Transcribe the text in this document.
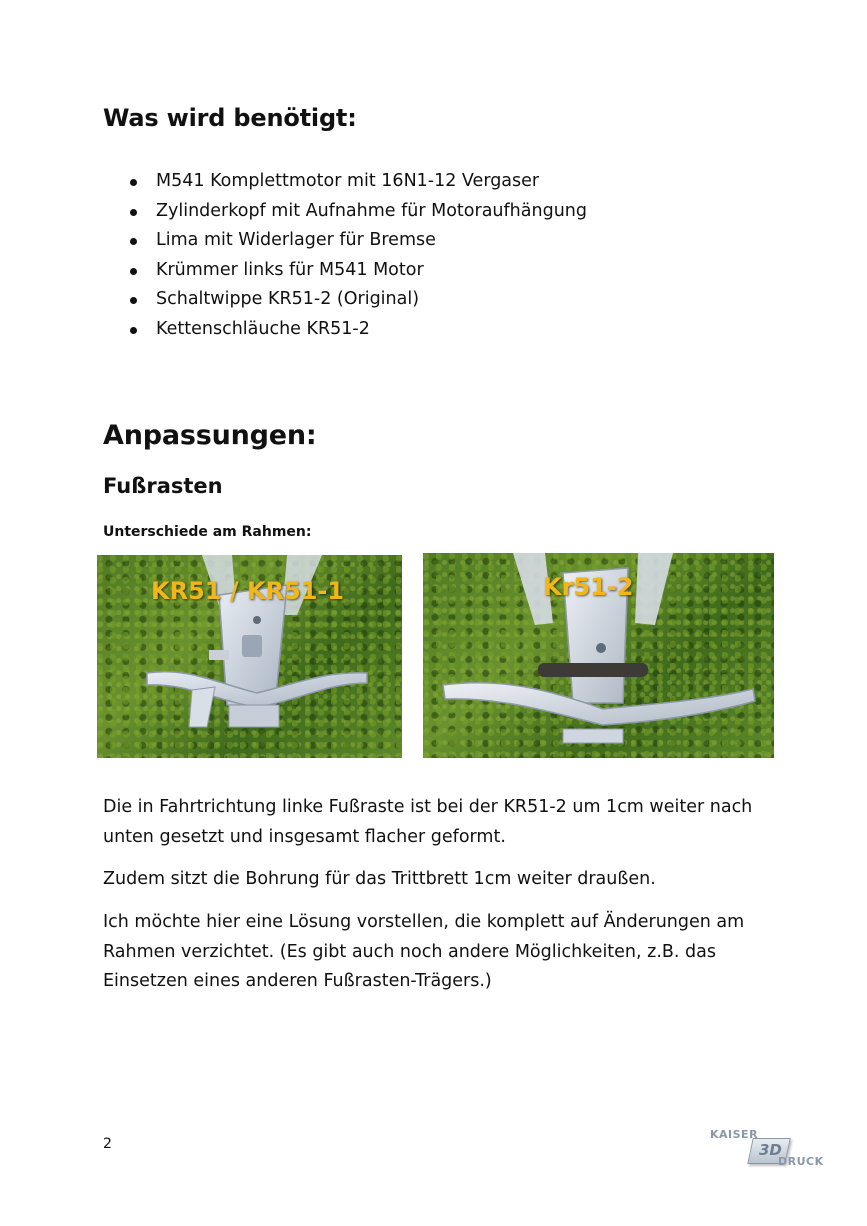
Was wird benötigt:
M541 Komplettmotor mit 16N1-12 Vergaser
Zylinderkopf mit Aufnahme für Motoraufhängung
Lima mit Widerlager für Bremse
Krümmer links für M541 Motor
Schaltwippe KR51-2 (Original)
Kettenschläuche KR51-2
Anpassungen:
Fußrasten
Unterschiede am Rahmen:
KR51 / KR51-1	Kr51-2

Die in Fahrtrichtung linke Fußraste ist bei der KR51-2 um 1cm weiter nach unten gesetzt und insgesamt flacher geformt.

Zudem sitzt die Bohrung für das Trittbrett 1cm weiter draußen.

Ich möchte hier eine Lösung vorstellen, die komplett auf Änderungen am Rahmen verzichtet. (Es gibt auch noch andere Möglichkeiten, z.B. das Einsetzen eines anderen Fußrasten-Trägers.)

2
KAISER
3D
DRUCK
